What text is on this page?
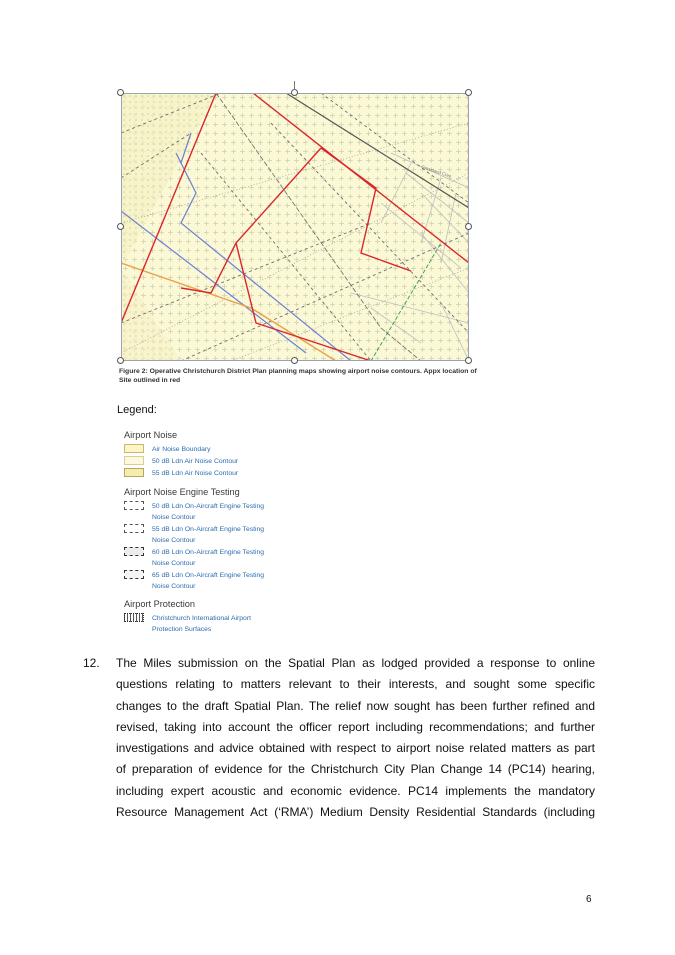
Grassland Cres
Figure 2: Operative Christchurch District Plan planning maps showing airport noise contours. Appx location of Site outlined in red
Legend:
Airport Noise
Air Noise Boundary
50 dB Ldn Air Noise Contour
55 dB Ldn Air Noise Contour
Airport Noise Engine Testing
50 dB Ldn On-Aircraft Engine Testing
Noise Contour
55 dB Ldn On-Aircraft Engine Testing
Noise Contour
60 dB Ldn On-Aircraft Engine Testing
Noise Contour
65 dB Ldn On-Aircraft Engine Testing
Noise Contour
Airport Protection
Christchurch International Airport
Protection Surfaces
12. The Miles submission on the Spatial Plan as lodged provided a response to online
questions relating to matters relevant to their interests, and sought some specific
changes to the draft Spatial Plan. The relief now sought has been further refined and
revised, taking into account the officer report including recommendations; and further
investigations and advice obtained with respect to airport noise related matters as part
of preparation of evidence for the Christchurch City Plan Change 14 (PC14) hearing,
including expert acoustic and economic evidence. PC14 implements the mandatory
Resource Management Act (‘RMA’) Medium Density Residential Standards (including
6
